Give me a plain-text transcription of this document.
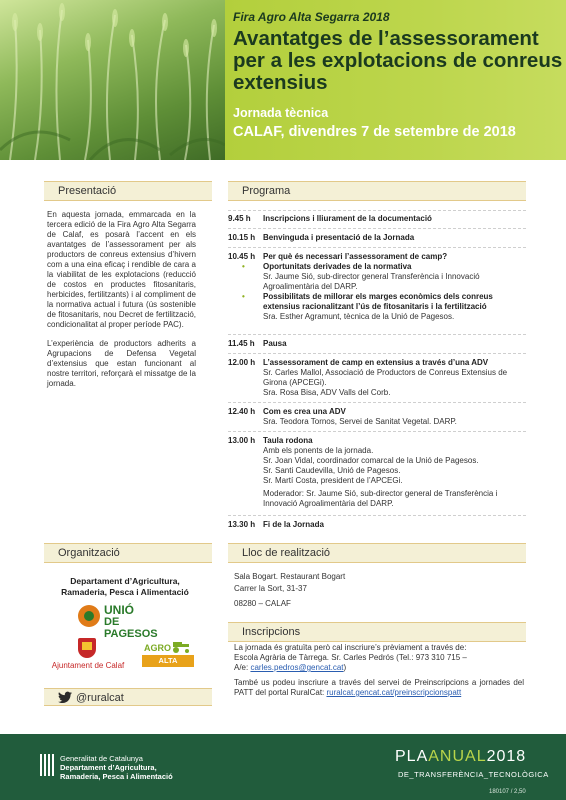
Fira Agro Alta Segarra 2018
Avantatges de l’assessorament per a les explotacions de conreus extensius
Jornada tècnica
CALAF, divendres 7 de setembre de 2018
Presentació

En aquesta jornada, emmarcada en la tercera edició de la Fira Agro Alta Segarra de Calaf, es posarà l’accent en els avantatges de l’assessorament per als productors de conreus extensius d’hivern com a una eina eficaç i rendible de cara a la viabilitat de les explotacions (reducció de costos en productes fitosanitaris, herbicides, fertilitzants) i al compliment de la normativa actual i futura (ús sostenible de fitosanitaris, nou Decret de fertilització, condicionalitat al proper període PAC).

L’experiència de productors adherits a Agrupacions de Defensa Vegetal d’extensius que estan funcionant al nostre territori, reforçarà el missatge de la jornada.

Programa
9.45 h	Inscripcions i lliurament de la documentació
10.15 h Benvinguda i presentació de la Jornada
10.45 h Per què és necessari l’assessorament de camp?
• Oportunitats derivades de la normativa
Sr. Jaume Sió, sub-director general Transferència i Innovació Agroalimentària del DARP.
• Possibilitats de millorar els marges econòmics dels conreus extensius racionalitzant l’ús de fitosanitaris i la fertilització
Sra. Esther Agramunt, tècnica de la Unió de Pagesos.
11.45 h	Pausa
12.00 h L’assessorament de camp en extensius a través d’una ADV
Sr. Carles Mallol, Associació de Productors de Conreus Extensius de Girona (APCEGi).
Sra. Rosa Bisa, ADV Valls del Corb.
12.40 h Com es crea una ADV
Sra. Teodora Tornos, Servei de Sanitat Vegetal. DARP.
13.00 h Taula rodona
Amb els ponents de la jornada.
Sr. Joan Vidal, coordinador comarcal de la Unió de Pagesos.
Sr. Santi Caudevilla, Unió de Pagesos.
Sr. Martí Costa, president de l’APCEGi.
Moderador: Sr. Jaume Sió, sub-director general de Transferència i Innovació Agroalimentària del DARP.
13.30 h Fi de la Jornada
Organització
Departament d’Agricultura,
Ramaderia, Pesca i Alimentació
UNIÓ
DE PAGESOS
Ajuntament de Calaf
AGRO
ALTA SEGARRA
@ruralcat
Lloc de realització
Sala Bogart. Restaurant Bogart
Carrer la Sort, 31-37
08280 – CALAF
Inscripcions
La jornada és gratuïta però cal inscriure’s prèviament a través de:
Escola Agrària de Tàrrega. Sr. Carles Pedrós (Tel.: 973 310 715 –
A/e: carles.pedros@gencat.cat)
També us podeu inscriure a través del servei de Preinscripcions a jornades del PATT del portal RuralCat: ruralcat.gencat.cat/preinscripcionspatt
Generalitat de Catalunya
Departament d’Agricultura,
Ramaderia, Pesca i Alimentació
PLAANUAL2018
DE_TRANSFERÈNCIA_TECNOLÒGICA
180107 / 2,50
